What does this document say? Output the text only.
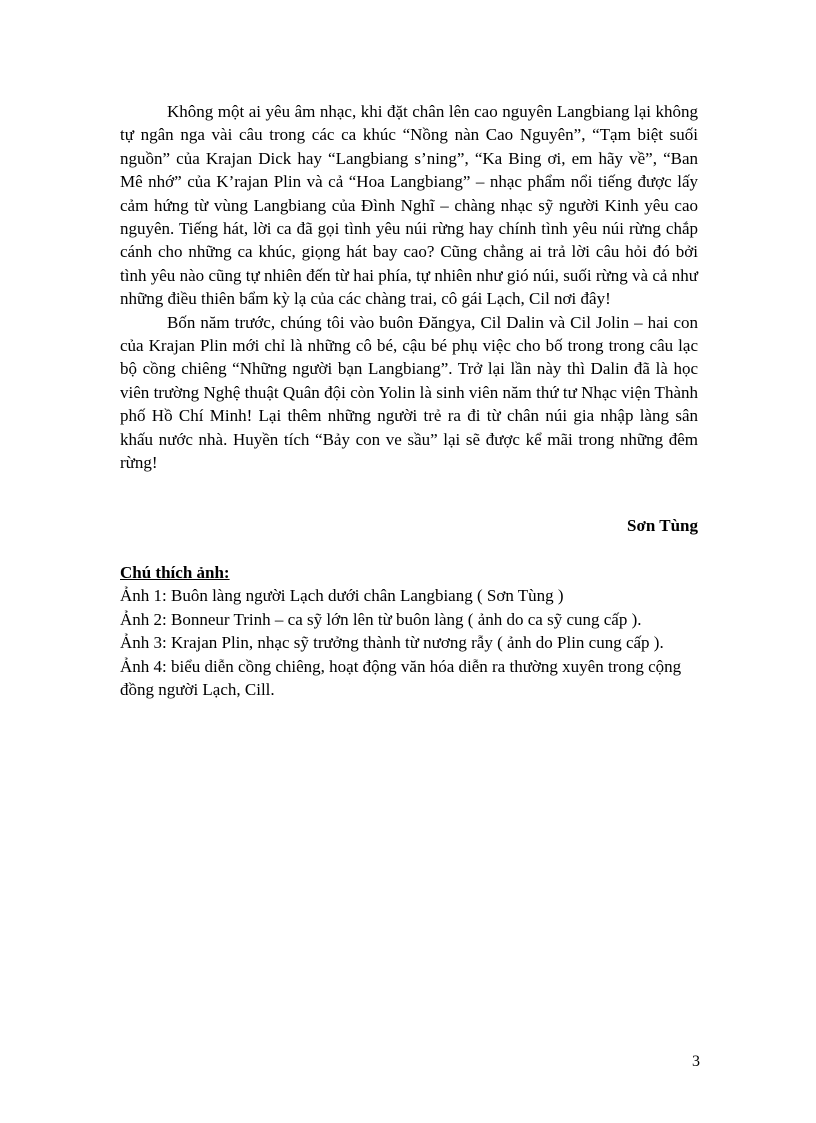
Không một ai yêu âm nhạc, khi đặt chân lên cao nguyên Langbiang lại không tự ngân nga vài câu trong các ca khúc “Nồng nàn Cao Nguyên”, “Tạm biệt suối nguồn” của Krajan Dick hay “Langbiang s’ning”, “Ka Bing ơi, em hãy về”, “Ban Mê nhớ” của K’rajan Plin và cả “Hoa Langbiang” – nhạc phẩm nổi tiếng được lấy cảm hứng từ vùng Langbiang của Đình Nghĩ – chàng nhạc sỹ người Kinh yêu cao nguyên. Tiếng hát, lời ca đã gọi tình yêu núi rừng hay chính tình yêu núi rừng chắp cánh cho những ca khúc, giọng hát bay cao? Cũng chẳng ai trả lời câu hỏi đó bởi tình yêu nào cũng tự nhiên đến từ hai phía, tự nhiên như gió núi, suối rừng và cả như những điều thiên bẩm kỳ lạ của các chàng trai, cô gái Lạch, Cil nơi đây!

Bốn năm trước, chúng tôi vào buôn Đăngya, Cil Dalin và Cil Jolin – hai con của Krajan Plin mới chỉ là những cô bé, cậu bé phụ việc cho bố trong trong câu lạc bộ cồng chiêng “Những người bạn Langbiang”. Trở lại lần này thì Dalin đã là học viên trường Nghệ thuật Quân đội còn Yolin là sinh viên năm thứ tư Nhạc viện Thành phố Hồ Chí Minh! Lại thêm những người trẻ ra đi từ chân núi gia nhập làng sân khấu nước nhà. Huyền tích “Bảy con ve sầu” lại sẽ được kể mãi trong những đêm rừng!

Sơn Tùng

Chú thích ảnh:

Ảnh 1: Buôn làng người Lạch dưới chân Langbiang ( Sơn Tùng )

Ảnh 2: Bonneur Trinh – ca sỹ lớn lên từ buôn làng ( ảnh do ca sỹ cung cấp ).

Ảnh 3: Krajan Plin, nhạc sỹ trưởng thành từ nương rẫy ( ảnh do Plin cung cấp ).

Ảnh 4: biểu diễn cồng chiêng, hoạt động văn hóa diễn ra thường xuyên trong cộng đồng người Lạch, Cill.

3
